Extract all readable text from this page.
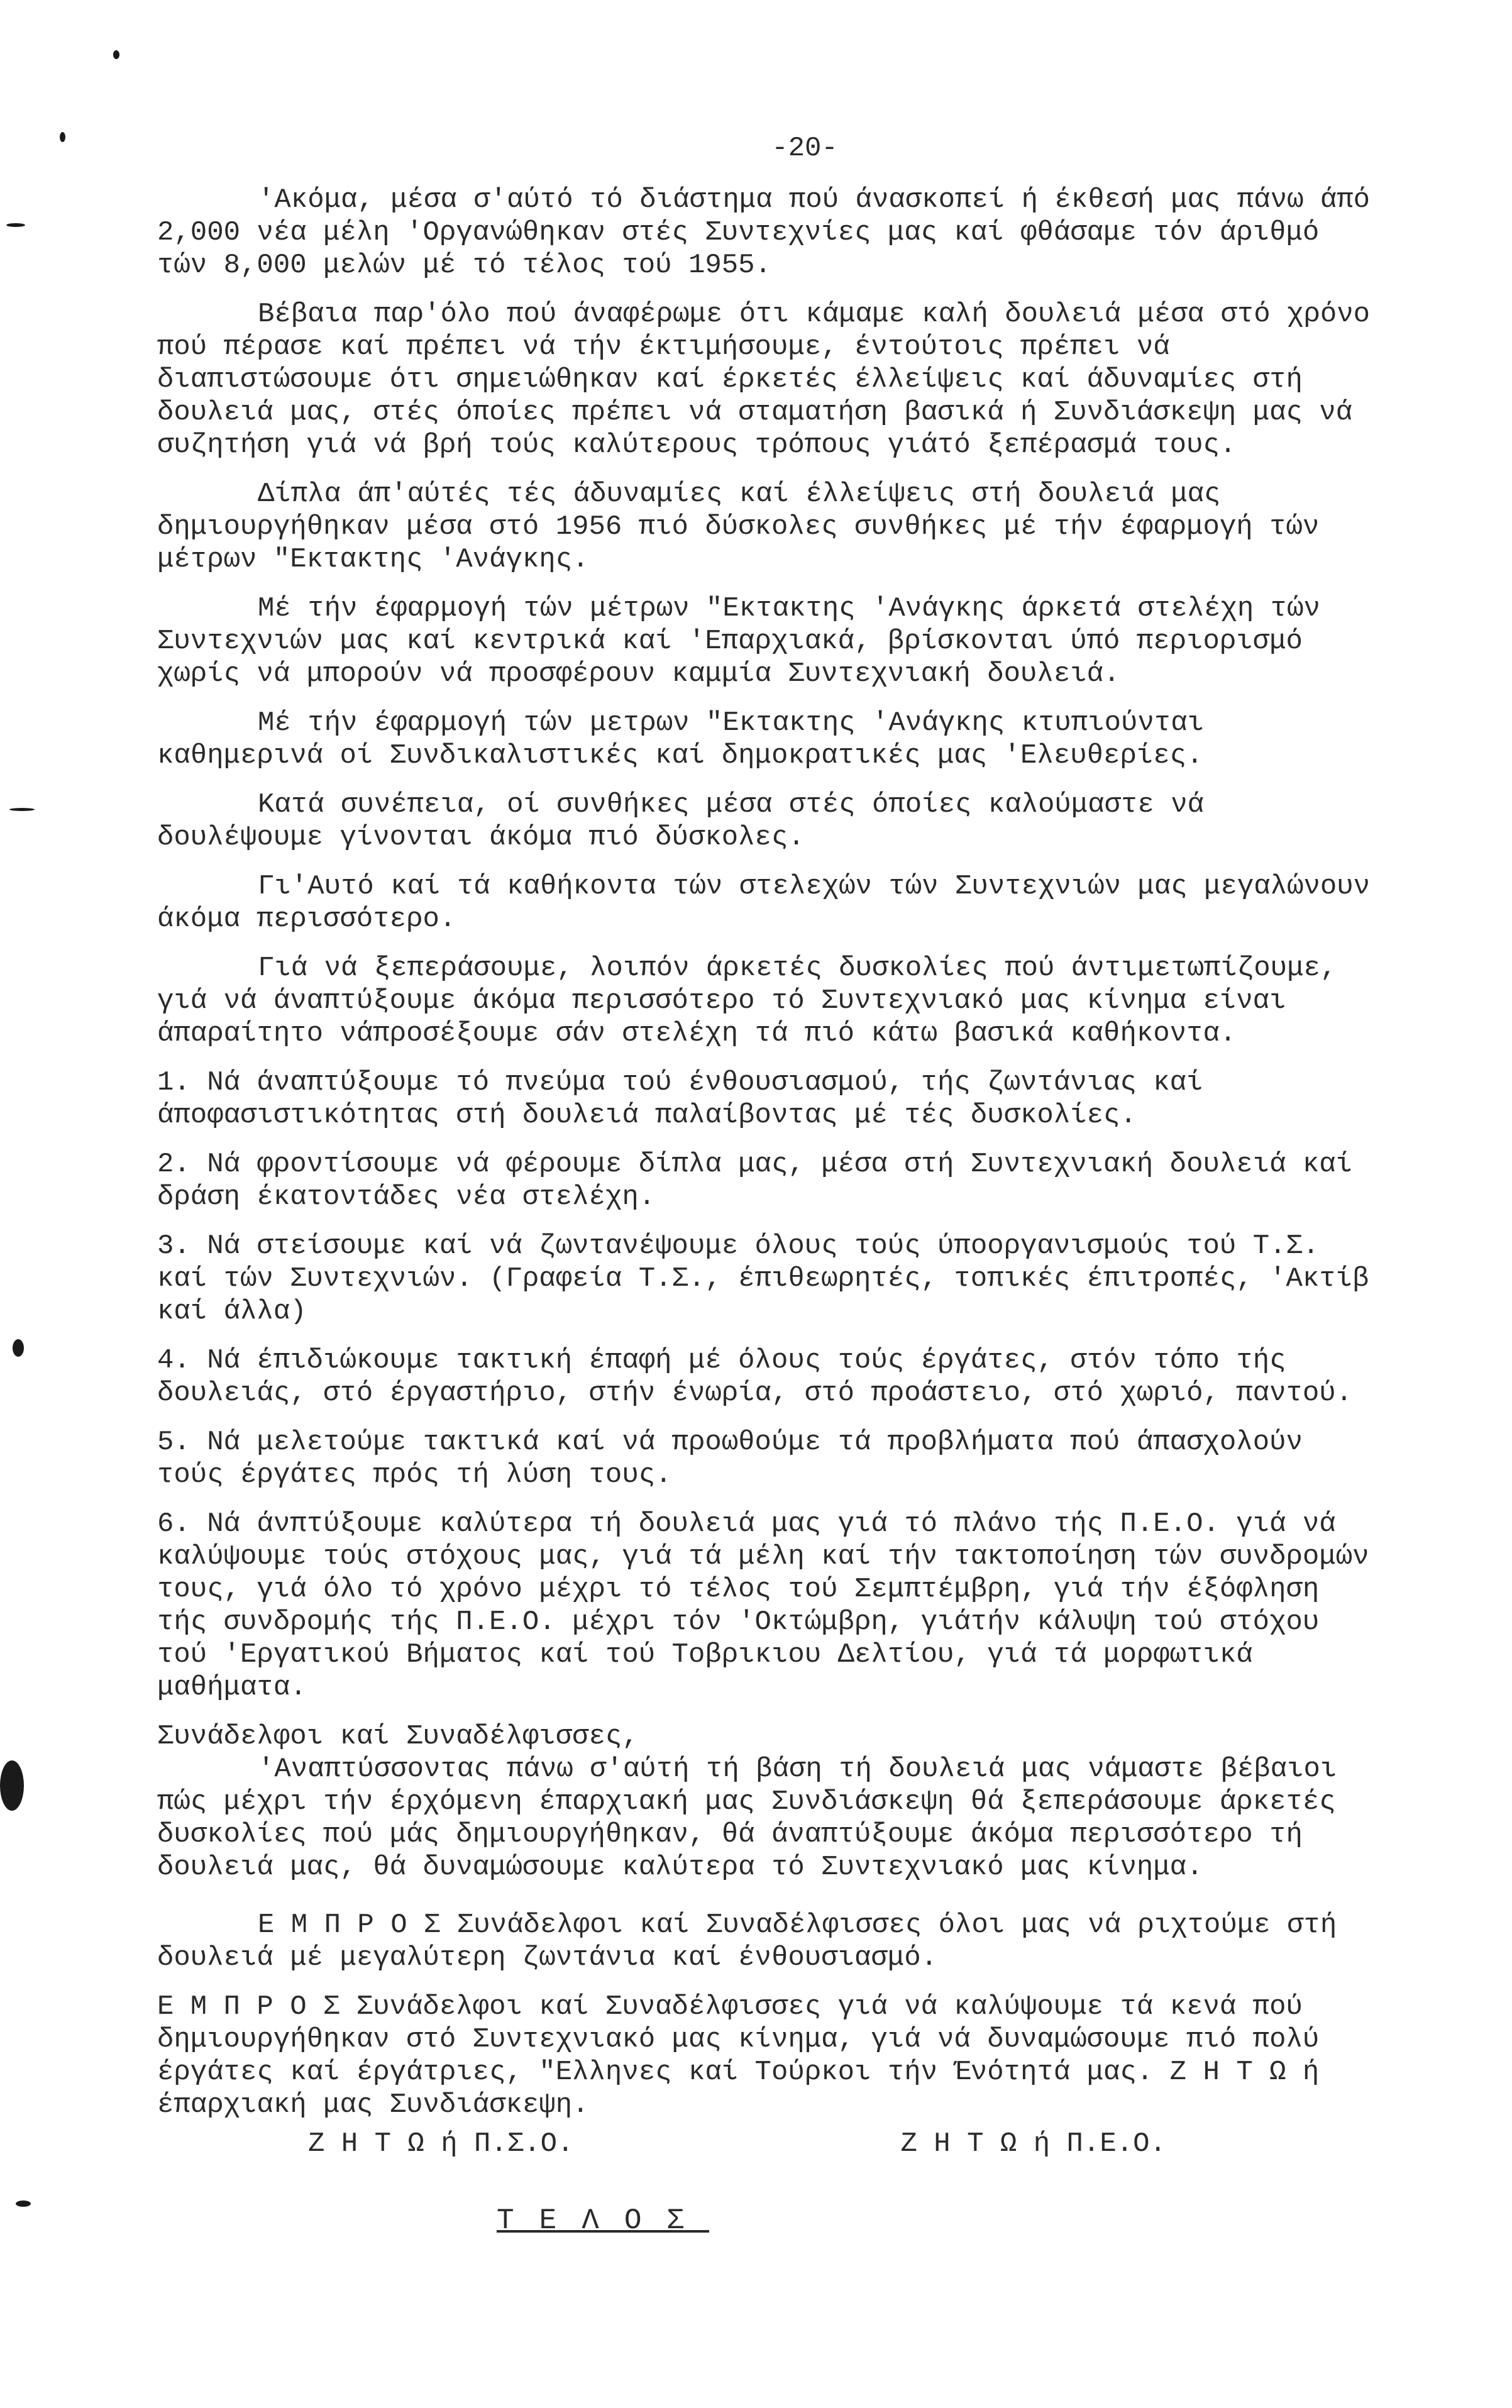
-20-

'Ακόμα, μέσα σ'αύτό τό διάστημα πού άνασκοπεί ή έκθεσή μας πάνω άπό 2,000 νέα μέλη 'Οργανώθηκαν στές Συντεχνίες μας καί φθάσαμε τόν άριθμό τών 8,000 μελών μέ τό τέλος τού 1955.

Βέβαια παρ'όλο πού άναφέρωμε ότι κάμαμε καλή δουλειά μέσα στό χρόνο πού πέρασε καί πρέπει νά τήν έκτιμήσουμε, έντούτοις πρέπει νά διαπιστώσουμε ότι σημειώθηκαν καί έρκετές έλλείψεις καί άδυναμίες στή δουλειά μας, στές όποίες πρέπει νά σταματήση βασικά ή Συνδιάσκεψη μας νά συζητήση γιά νά βρή τούς καλύτερους τρόπους γιάτό ξεπέρασμά τους.

Δίπλα άπ'αύτές τές άδυναμίες καί έλλείψεις στή δουλειά μας δημιουργήθηκαν μέσα στό 1956 πιό δύσκολες συνθήκες μέ τήν έφαρμογή τών μέτρων "Εκτακτης 'Ανάγκης.

Μέ τήν έφαρμογή τών μέτρων "Εκτακτης 'Ανάγκης άρκετά στελέχη τών Συντεχνιών μας καί κεντρικά καί 'Επαρχιακά, βρίσκονται ύπό περιορισμό χωρίς νά μπορούν νά προσφέρουν καμμία Συντεχνιακή δουλειά.

Μέ τήν έφαρμογή τών μετρων "Εκτακτης 'Ανάγκης κτυπιούνται καθημερινά οί Συνδικαλιστικές καί δημοκρατικές μας 'Ελευθερίες.

Κατά συνέπεια, οί συνθήκες μέσα στές όποίες καλούμαστε νά δουλέψουμε γίνονται άκόμα πιό δύσκολες.

Γι'Αυτό καί τά καθήκοντα τών στελεχών τών Συντεχνιών μας μεγαλώνουν άκόμα περισσότερο.

Γιά νά ξεπεράσουμε, λοιπόν άρκετές δυσκολίες πού άντιμετωπίζουμε, γιά νά άναπτύξουμε άκόμα περισσότερο τό Συντεχνιακό μας κίνημα είναι άπαραίτητο νάπροσέξουμε σάν στελέχη τά πιό κάτω βασικά καθήκοντα.

1. Νά άναπτύξουμε τό πνεύμα τού ένθουσιασμού, τής ζωντάνιας καί άποφασιστικότητας στή δουλειά παλαίβοντας μέ τές δυσκολίες.

2. Νά φροντίσουμε νά φέρουμε δίπλα μας, μέσα στή Συντεχνιακή δουλειά καί δράση έκατοντάδες νέα στελέχη.

3. Νά στείσουμε καί νά ζωντανέψουμε όλους τούς ύποοργανισμούς τού Τ.Σ. καί τών Συντεχνιών. (Γραφεία Τ.Σ., έπιθεωρητές, τοπικές έπιτροπές, 'Ακτίβ καί άλλα)

4. Νά έπιδιώκουμε τακτική έπαφή μέ όλους τούς έργάτες, στόν τόπο τής δουλειάς, στό έργαστήριο, στήν ένωρία, στό προάστειο, στό χωριό, παντού.

5. Νά μελετούμε τακτικά καί νά προωθούμε τά προβλήματα πού άπασχολούν τούς έργάτες πρός τή λύση τους.

6. Νά άνπτύξουμε καλύτερα τή δουλειά μας γιά τό πλάνο τής Π.Ε.Ο. γιά νά καλύψουμε τούς στόχους μας, γιά τά μέλη καί τήν τακτοποίηση τών συνδρομών τους, γιά όλο τό χρόνο μέχρι τό τέλος τού Σεμπτέμβρη, γιά τήν έξόφληση τής συνδρομής τής Π.Ε.Ο. μέχρι τόν 'Οκτώμβρη, γιάτήν κάλυψη τού στόχου τού 'Εργατικού Βήματος καί τού Τοβρικιου Δελτίου, γιά τά μορφωτικά μαθήματα.

Συνάδελφοι καί Συναδέλφισσες,

'Αναπτύσσοντας πάνω σ'αύτή τή βάση τή δουλειά μας νάμαστε βέβαιοι πώς μέχρι τήν έρχόμενη έπαρχιακή μας Συνδιάσκεψη θά ξεπεράσουμε άρκετές δυσκολίες πού μάς δημιουργήθηκαν, θά άναπτύξουμε άκόμα περισσότερο τή δουλειά μας, θά δυναμώσουμε καλύτερα τό Συντεχνιακό μας κίνημα.

Ε Μ Π Ρ Ο Σ Συνάδελφοι καί Συναδέλφισσες όλοι μας νά ριχτούμε στή δουλειά μέ μεγαλύτερη ζωντάνια καί ένθουσιασμό.

Ε Μ Π Ρ Ο Σ Συνάδελφοι καί Συναδέλφισσες γιά νά καλύψουμε τά κενά πού δημιουργήθηκαν στό Συντεχνιακό μας κίνημα, γιά νά δυναμώσουμε πιό πολύ έργάτες καί έργάτριες, "Ελληνες καί Τούρκοι τήν Ένότητά μας. Ζ Η Τ Ω ή έπαρχιακή μας Συνδιάσκεψη.

Ζ Η Τ Ω ή Π.Σ.Ο.	Ζ Η Τ Ω ή Π.Ε.Ο.
ΤΕΛΟΣ
